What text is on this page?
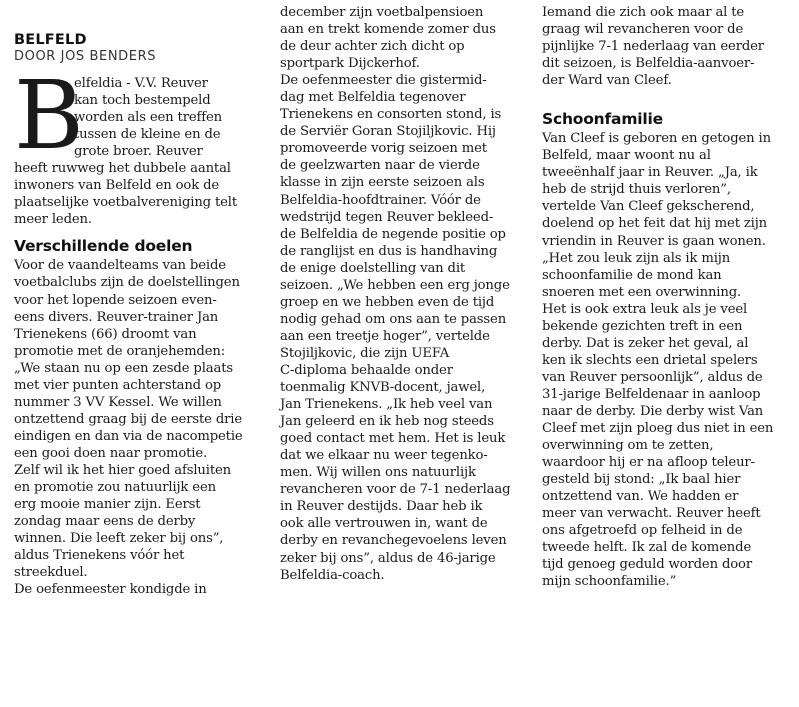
BELFELD
DOOR JOS BENDERS
B
elfeldia - V.V. Reuver
kan toch bestempeld
worden als een treffen
tussen de kleine en de
grote broer. Reuver
heeft ruwweg het dubbele aantal
inwoners van Belfeld en ook de
plaatselijke voetbalvereniging telt
meer leden.
Verschillende doelen
Voor de vaandelteams van beide
voetbalclubs zijn de doelstellingen
voor het lopende seizoen even-
eens divers. Reuver-trainer Jan
Trienekens (66) droomt van
promotie met de oranjehemden:
„We staan nu op een zesde plaats
met vier punten achterstand op
nummer 3 VV Kessel. We willen
ontzettend graag bij de eerste drie
eindigen en dan via de nacompetie
een gooi doen naar promotie.
Zelf wil ik het hier goed afsluiten
en promotie zou natuurlijk een
erg mooie manier zijn. Eerst
zondag maar eens de derby
winnen. Die leeft zeker bij ons”,
aldus Trienekens vóór het
streekduel.
De oefenmeester kondigde in
december zijn voetbalpensioen
aan en trekt komende zomer dus
de deur achter zich dicht op
sportpark Dijckerhof.
De oefenmeester die gistermid-
dag met Belfeldia tegenover
Trienekens en consorten stond, is
de Serviër Goran Stojiljkovic. Hij
promoveerde vorig seizoen met
de geelzwarten naar de vierde
klasse in zijn eerste seizoen als
Belfeldia-hoofdtrainer. Vóór de
wedstrijd tegen Reuver bekleed-
de Belfeldia de negende positie op
de ranglijst en dus is handhaving
de enige doelstelling van dit
seizoen. „We hebben een erg jonge
groep en we hebben even de tijd
nodig gehad om ons aan te passen
aan een treetje hoger”, vertelde
Stojiljkovic, die zijn UEFA
C-diploma behaalde onder
toenmalig KNVB-docent, jawel,
Jan Trienekens. „Ik heb veel van
Jan geleerd en ik heb nog steeds
goed contact met hem. Het is leuk
dat we elkaar nu weer tegenko-
men. Wij willen ons natuurlijk
revancheren voor de 7-1 nederlaag
in Reuver destijds. Daar heb ik
ook alle vertrouwen in, want de
derby en revanchegevoelens leven
zeker bij ons”, aldus de 46-jarige
Belfeldia-coach.
Iemand die zich ook maar al te
graag wil revancheren voor de
pijnlijke 7-1 nederlaag van eerder
dit seizoen, is Belfeldia-aanvoer-
der Ward van Cleef.
Schoonfamilie
Van Cleef is geboren en getogen in
Belfeld, maar woont nu al
tweeënhalf jaar in Reuver. „Ja, ik
heb de strijd thuis verloren”,
vertelde Van Cleef gekscherend,
doelend op het feit dat hij met zijn
vriendin in Reuver is gaan wonen.
„Het zou leuk zijn als ik mijn
schoonfamilie de mond kan
snoeren met een overwinning.
Het is ook extra leuk als je veel
bekende gezichten treft in een
derby. Dat is zeker het geval, al
ken ik slechts een drietal spelers
van Reuver persoonlijk”, aldus de
31-jarige Belfeldenaar in aanloop
naar de derby. Die derby wist Van
Cleef met zijn ploeg dus niet in een
overwinning om te zetten,
waardoor hij er na afloop teleur-
gesteld bij stond: „Ik baal hier
ontzettend van. We hadden er
meer van verwacht. Reuver heeft
ons afgetroefd op felheid in de
tweede helft. Ik zal de komende
tijd genoeg geduld worden door
mijn schoonfamilie.”
